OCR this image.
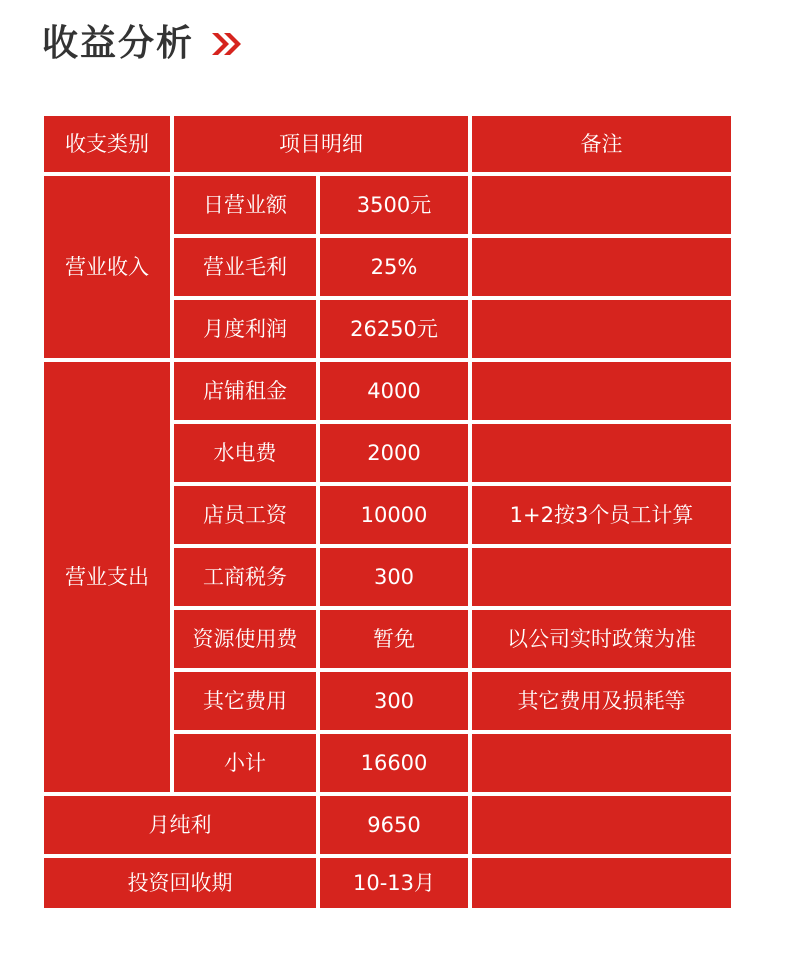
收益分析
收支类别	项目明细	备注
营业收入
日营业额	3500元
营业毛利	25%
月度利润	26250元
营业支出
店铺租金	4000
水电费	2000
店员工资	10000	1+2按3个员工计算
工商税务	300
资源使用费	暂免	以公司实时政策为准
其它费用	300	其它费用及损耗等
小计	16600
月纯利	9650
投资回收期	10-13月
